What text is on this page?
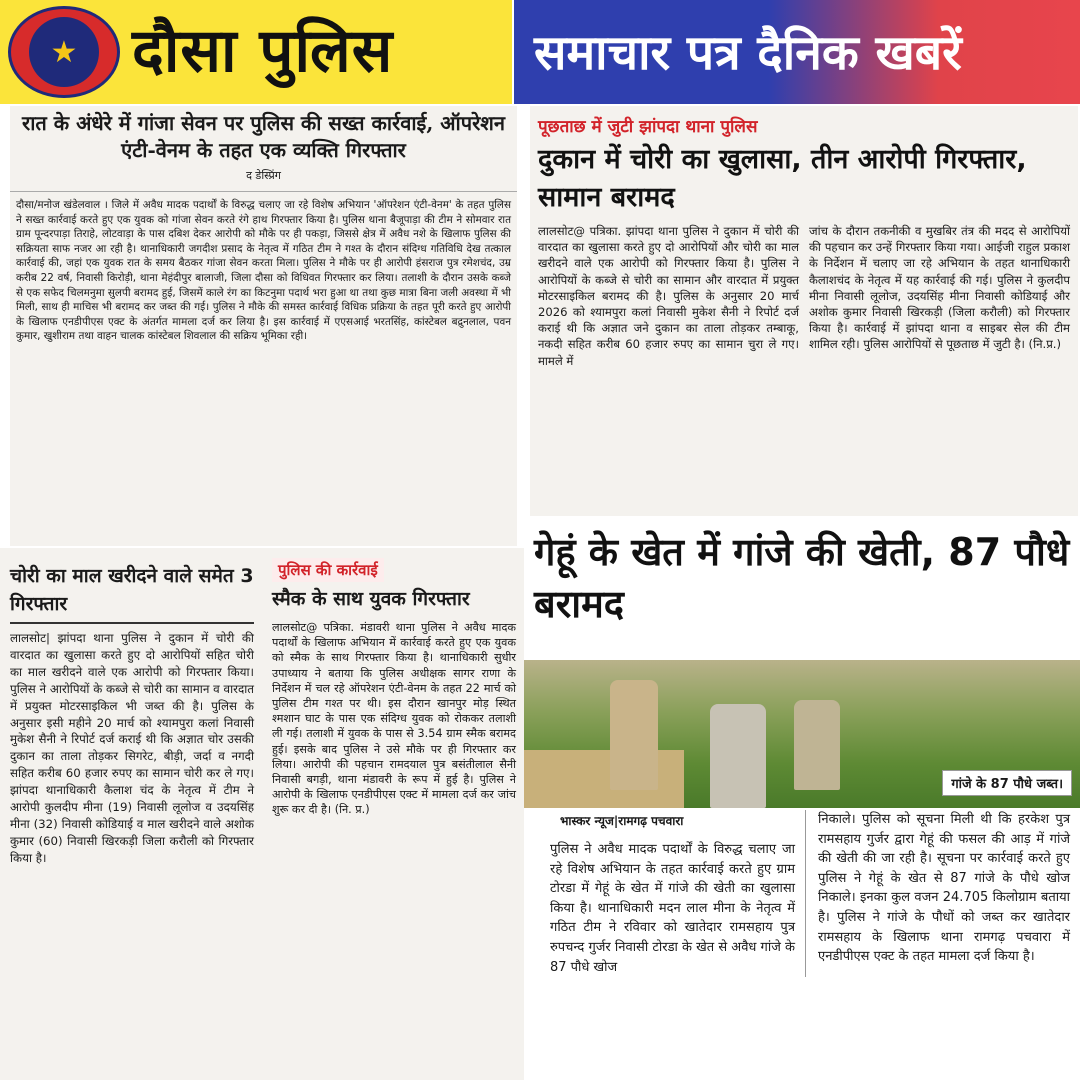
★ दौसा पुलिस	समाचार पत्र दैनिक खबरें
रात के अंधेरे में गांजा सेवन पर पुलिस की सख्त कार्रवाई, ऑपरेशन एंटी-वेनम के तहत एक व्यक्ति गिरफ्तार
द डेस्प्रिंग
दौसा/मनोज खंडेलवाल । जिले में अवैध मादक पदार्थों के विरुद्ध चलाए जा रहे विशेष अभियान 'ऑपरेशन एंटी-वेनम' के तहत पुलिस ने सख्त कार्रवाई करते हुए एक युवक को गांजा सेवन करते रंगे हाथ गिरफ्तार किया है। पुलिस थाना बैजूपाड़ा की टीम ने सोमवार रात ग्राम पून्दरपाड़ा तिराहे, लोटवाड़ा के पास दबिश देकर आरोपी को मौके पर ही पकड़ा, जिससे क्षेत्र में अवैध नशे के खिलाफ पुलिस की सक्रियता साफ नजर आ रही है। थानाधिकारी जगदीश प्रसाद के नेतृत्व में गठित टीम ने गश्त के दौरान संदिग्ध गतिविधि देख तत्काल कार्रवाई की, जहां एक युवक रात के समय बैठकर गांजा सेवन करता मिला। पुलिस ने मौके पर ही आरोपी हंसराज पुत्र रमेशचंद, उम्र करीब 22 वर्ष, निवासी किरोड़ी, थाना मेहंदीपुर बालाजी, जिला दौसा को विधिवत गिरफ्तार कर लिया। तलाशी के दौरान उसके कब्जे से एक सफेद चिलमनुमा सुलपी बरामद हुई, जिसमें काले रंग का किटनुमा पदार्थ भरा हुआ था तथा कुछ मात्रा बिना जली अवस्था में भी मिली, साथ ही माचिस भी बरामद कर जब्त की गई। पुलिस ने मौके की समस्त कार्रवाई विधिक प्रक्रिया के तहत पूरी करते हुए आरोपी के खिलाफ एनडीपीएस एक्ट के अंतर्गत मामला दर्ज कर लिया है। इस कार्रवाई में एएसआई भरतसिंह, कांस्टेबल बद्रुनलाल, पवन कुमार, खुशीराम तथा वाहन चालक कांस्टेबल शिवलाल की सक्रिय भूमिका रही।
पूछताछ में जुटी झांपदा थाना पुलिस
दुकान में चोरी का खुलासा, तीन आरोपी गिरफ्तार, सामान बरामद
लालसोट@ पत्रिका. झांपदा थाना पुलिस ने दुकान में चोरी की वारदात का खुलासा करते हुए दो आरोपियों और चोरी का माल खरीदने वाले एक आरोपी को गिरफ्तार किया है। पुलिस ने आरोपियों के कब्जे से चोरी का सामान और वारदात में प्रयुक्त मोटरसाइकिल बरामद की है। पुलिस के अनुसार 20 मार्च 2026 को श्यामपुरा कलां निवासी मुकेश सैनी ने रिपोर्ट दर्ज कराई थी कि अज्ञात जने दुकान का ताला तोड़कर तम्बाकू, नकदी सहित करीब 60 हजार रुपए का सामान चुरा ले गए। मामले में
जांच के दौरान तकनीकी व मुखबिर तंत्र की मदद से आरोपियों की पहचान कर उन्हें गिरफ्तार किया गया। आईजी राहुल प्रकाश के निर्देशन में चलाए जा रहे अभियान के तहत थानाधिकारी कैलाशचंद के नेतृत्व में यह कार्रवाई की गई। पुलिस ने कुलदीप मीना निवासी लूलोज, उदयसिंह मीना निवासी कोडियाई और अशोक कुमार निवासी खिरकड़ी (जिला करौली) को गिरफ्तार किया है। कार्रवाई में झांपदा थाना व साइबर सेल की टीम शामिल रही। पुलिस आरोपियों से पूछताछ में जुटी है। (नि.प्र.)
चोरी का माल खरीदने वाले समेत 3 गिरफ्तार
लालसोट| झांपदा थाना पुलिस ने दुकान में चोरी की वारदात का खुलासा करते हुए दो आरोपियों सहित चोरी का माल खरीदने वाले एक आरोपी को गिरफ्तार किया। पुलिस ने आरोपियों के कब्जे से चोरी का सामान व वारदात में प्रयुक्त मोटरसाइकिल भी जब्त की है। पुलिस के अनुसार इसी महीने 20 मार्च को श्यामपुरा कलां निवासी मुकेश सैनी ने रिपोर्ट दर्ज कराई थी कि अज्ञात चोर उसकी दुकान का ताला तोड़कर सिगरेट, बीड़ी, जर्दा व नगदी सहित करीब 60 हजार रुपए का सामान चोरी कर ले गए। झांपदा थानाधिकारी कैलाश चंद के नेतृत्व में टीम ने आरोपी कुलदीप मीना (19) निवासी लूलोज व उदयसिंह मीना (32) निवासी कोडियाई व माल खरीदने वाले अशोक कुमार (60) निवासी खिरकड़ी जिला करौली को गिरफ्तार किया है।
पुलिस की कार्रवाई
स्मैक के साथ युवक गिरफ्तार
लालसोट@ पत्रिका. मंडावरी थाना पुलिस ने अवैध मादक पदार्थों के खिलाफ अभियान में कार्रवाई करते हुए एक युवक को स्मैक के साथ गिरफ्तार किया है। थानाधिकारी सुधीर उपाध्याय ने बताया कि पुलिस अधीक्षक सागर राणा के निर्देशन में चल रहे ऑपरेशन एंटी-वेनम के तहत 22 मार्च को पुलिस टीम गश्त पर थी। इस दौरान खानपुर मोड़ स्थित श्मशान घाट के पास एक संदिग्ध युवक को रोककर तलाशी ली गई। तलाशी में युवक के पास से 3.54 ग्राम स्मैक बरामद हुई। इसके बाद पुलिस ने उसे मौके पर ही गिरफ्तार कर लिया। आरोपी की पहचान रामदयाल पुत्र बसंतीलाल सैनी निवासी बगड़ी, थाना मंडावरी के रूप में हुई है। पुलिस ने आरोपी के खिलाफ एनडीपीएस एक्ट में मामला दर्ज कर जांच शुरू कर दी है। (नि. प्र.)
गेहूं के खेत में गांजे की खेती, 87 पौधे बरामद
गांजे के 87 पौधे जब्त।
पुलिस ने अवैध मादक पदार्थों के विरुद्ध चलाए जा रहे विशेष अभियान के तहत कार्रवाई करते हुए ग्राम टोरडा में गेहूं के खेत में गांजे की खेती का खुलासा किया है। थानाधिकारी मदन लाल मीना के नेतृत्व में गठित टीम ने रविवार को खातेदार रामसहाय पुत्र रुपचन्द गुर्जर निवासी टोरडा के खेत से अवैध गांजे के 87 पौधे खोज
निकाले। पुलिस को सूचना मिली थी कि हरकेश पुत्र रामसहाय गुर्जर द्वारा गेहूं की फसल की आड़ में गांजे की खेती की जा रही है। सूचना पर कार्रवाई करते हुए पुलिस ने गेहूं के खेत से 87 गांजे के पौधे खोज निकाले। इनका कुल वजन 24.705 किलोग्राम बताया है। पुलिस ने गांजे के पौधों को जब्त कर खातेदार रामसहाय के खिलाफ थाना रामगढ़ पचवारा में एनडीपीएस एक्ट के तहत मामला दर्ज किया है।
भास्कर न्यूज|रामगढ़ पचवारा
